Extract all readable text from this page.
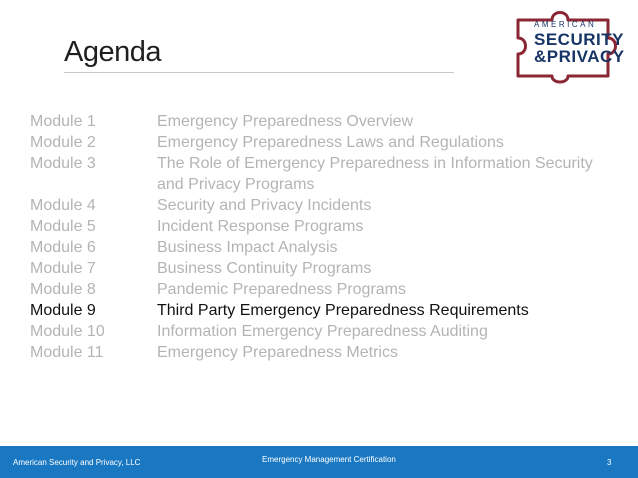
Agenda
AMERICAN
SECURITY
&PRIVACY
Module 1	Emergency Preparedness Overview
Module 2	Emergency Preparedness Laws and Regulations
Module 3	The Role of Emergency Preparedness in Information Security and Privacy Programs
Module 4	Security and Privacy Incidents
Module 5	Incident Response Programs
Module 6	Business Impact Analysis
Module 7	Business Continuity Programs
Module 8	Pandemic Preparedness Programs
Module 9	Third Party Emergency Preparedness Requirements
Module 10	Information Emergency Preparedness Auditing
Module 11	Emergency Preparedness Metrics
American Security and Privacy, LLC	Emergency Management Certification	3
